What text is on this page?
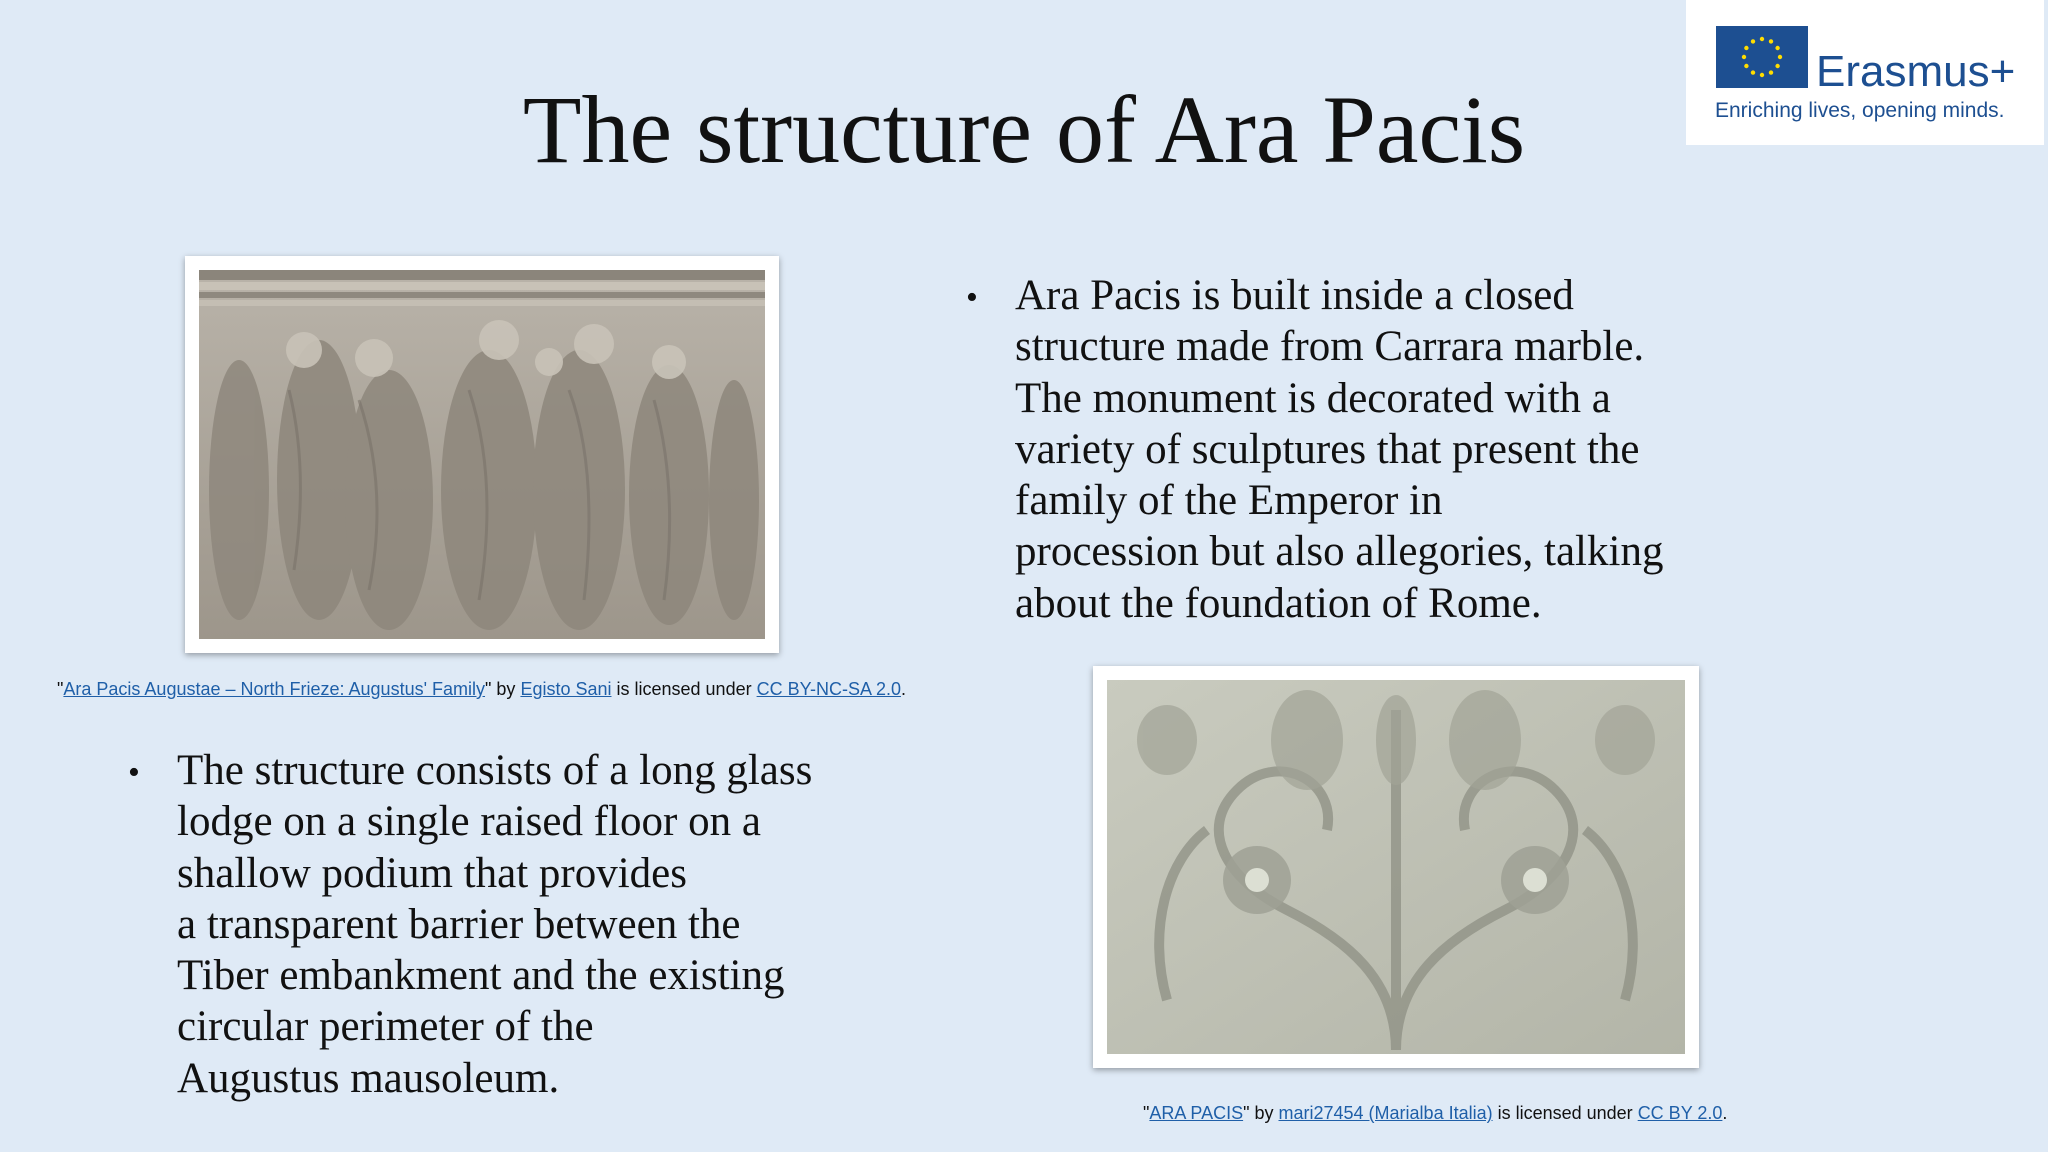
The structure of Ara Pacis
Erasmus+
Enriching lives, opening minds.
"Ara Pacis Augustae – North Frieze: Augustus' Family" by Egisto Sani is licensed under CC BY-NC-SA 2.0.
• Ara Pacis is built inside a closed
structure made from Carrara marble.
The monument is decorated with a
variety of sculptures that present the
family of the Emperor in
procession but also allegories, talking
about the foundation of Rome.
• The structure consists of a long glass
lodge on a single raised floor on a
shallow podium that provides
a transparent barrier between the
Tiber embankment and the existing
circular perimeter of the
Augustus mausoleum.
"ARA PACIS" by mari27454 (Marialba Italia) is licensed under CC BY 2.0.
